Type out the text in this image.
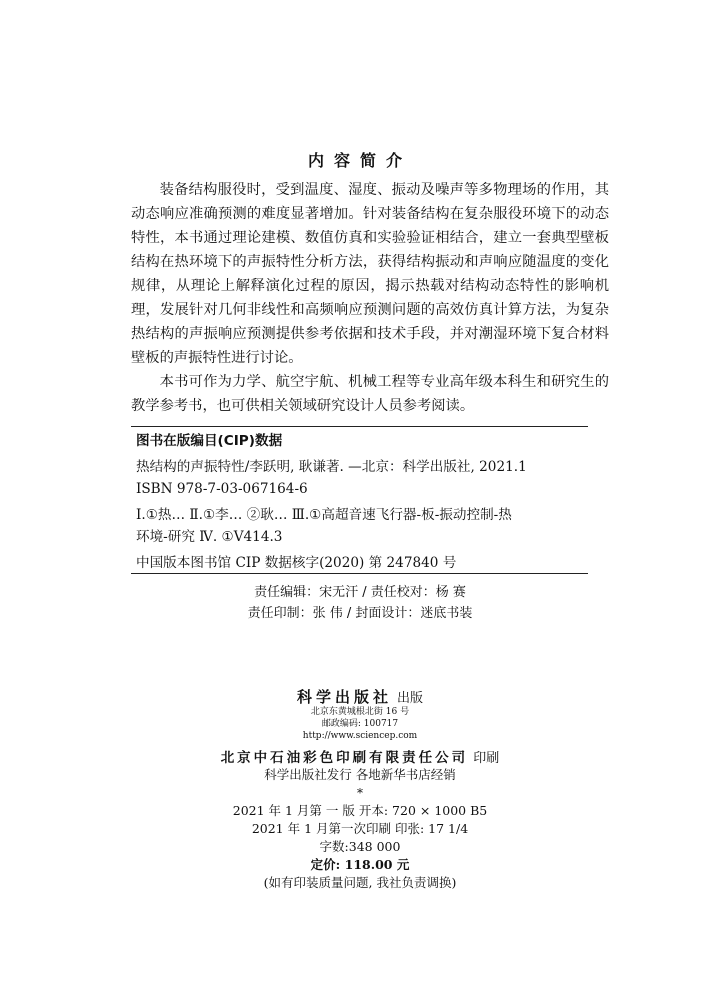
内容简介

装备结构服役时，受到温度、湿度、振动及噪声等多物理场的作用，其动态响应准确预测的难度显著增加。针对装备结构在复杂服役环境下的动态特性，本书通过理论建模、数值仿真和实验验证相结合，建立一套典型壁板结构在热环境下的声振特性分析方法，获得结构振动和声响应随温度的变化规律，从理论上解释演化过程的原因，揭示热载对结构动态特性的影响机理，发展针对几何非线性和高频响应预测问题的高效仿真计算方法，为复杂热结构的声振响应预测提供参考依据和技术手段，并对潮湿环境下复合材料壁板的声振特性进行讨论。

本书可作为力学、航空宇航、机械工程等专业高年级本科生和研究生的教学参考书，也可供相关领域研究设计人员参考阅读。

图书在版编目(CIP)数据
热结构的声振特性/李跃明, 耿谦著. —北京：科学出版社, 2021.1
ISBN 978-7-03-067164-6
Ⅰ.①热… Ⅱ.①李… ②耿… Ⅲ.①高超音速飞行器-板-振动控制-热
环境-研究 Ⅳ. ①V414.3
中国版本图书馆 CIP 数据核字(2020) 第 247840 号
责任编辑：宋无汗 / 责任校对：杨 赛
责任印制：张 伟 / 封面设计：迷底书装
科学出版社 出版
北京东黄城根北街 16 号
邮政编码: 100717
http://www.sciencep.com
北京中石油彩色印刷有限责任公司 印刷
科学出版社发行 各地新华书店经销
*
2021 年 1 月第 一 版 开本: 720 × 1000 B5
2021 年 1 月第一次印刷 印张: 17 1/4
字数:348 000
定价: 118.00 元
(如有印装质量问题, 我社负责调换)
